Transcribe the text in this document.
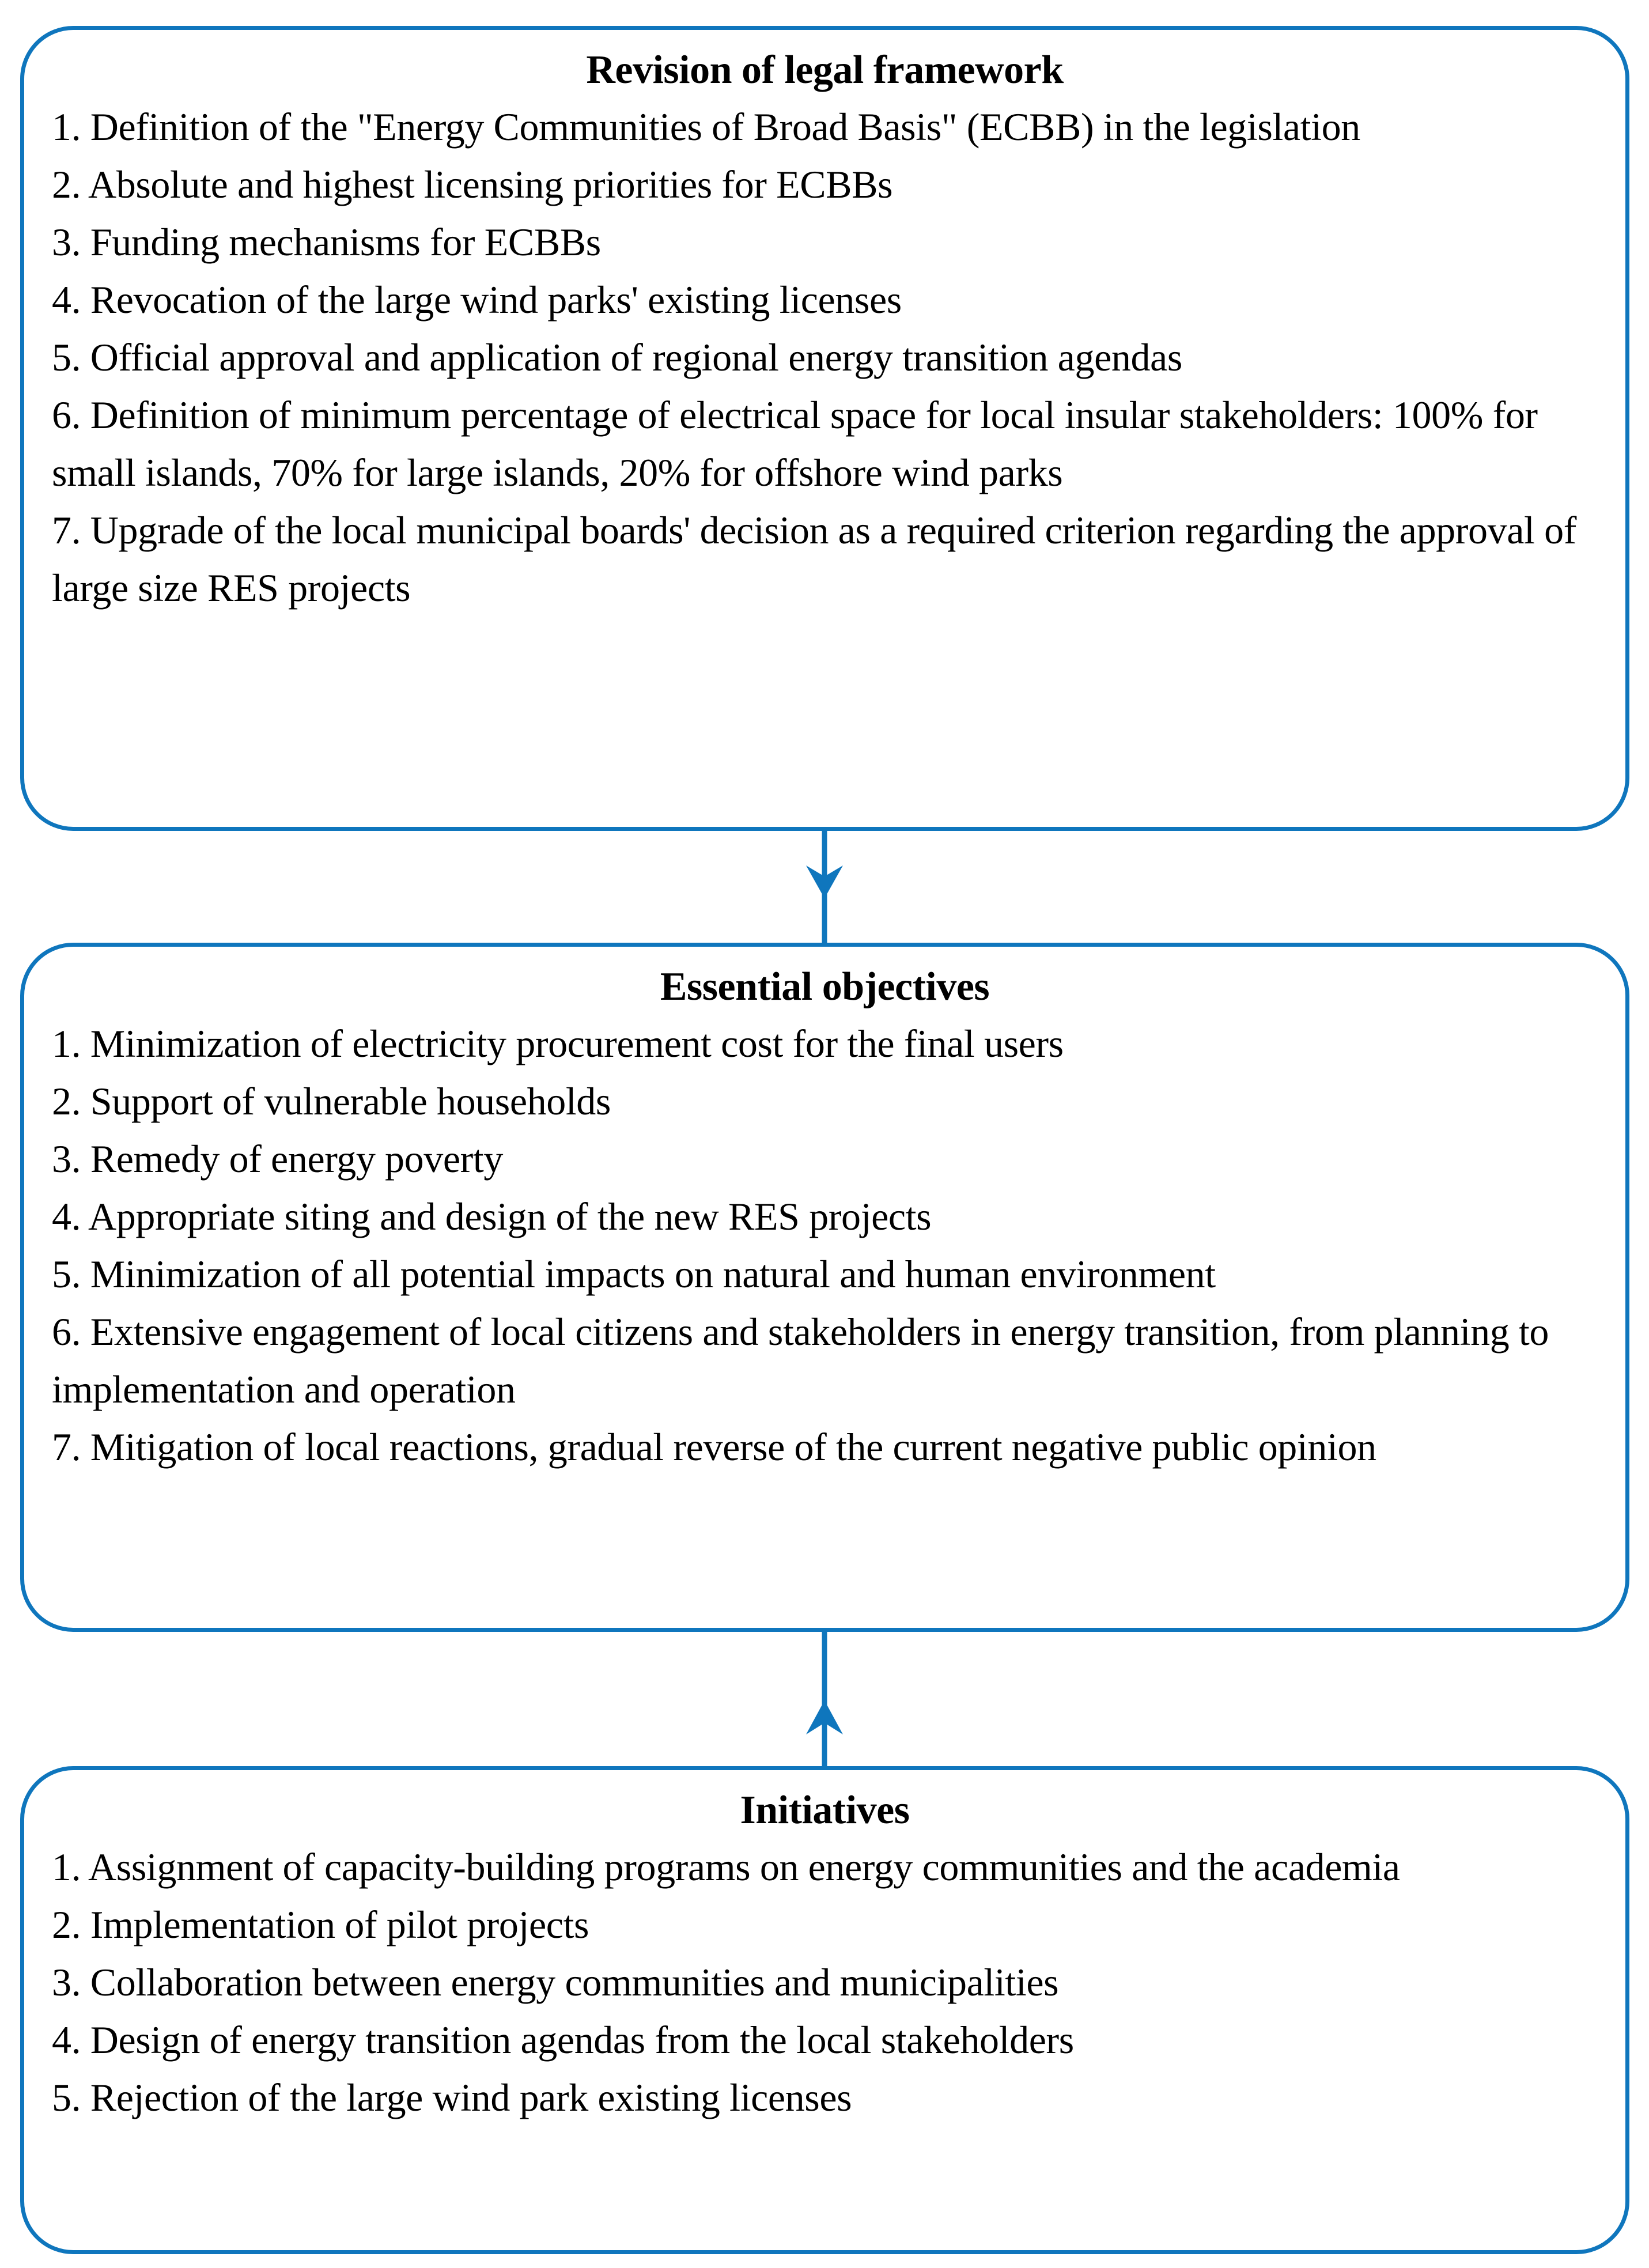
Revision of legal framework
1. Definition of the "Energy Communities of Broad Basis" (ECBB) in the legislation
2. Absolute and highest licensing priorities for ECBBs
3. Funding mechanisms for ECBBs
4. Revocation of the large wind parks' existing licenses
5. Official approval and application of regional energy transition agendas
6. Definition of minimum percentage of electrical space for local insular stakeholders: 100% for small islands, 70% for large islands, 20% for offshore wind parks
7. Upgrade of the local municipal boards' decision as a required criterion regarding the approval of large size RES projects
Essential objectives
1. Minimization of electricity procurement cost for the final users
2. Support of vulnerable households
3. Remedy of energy poverty
4. Appropriate siting and design of the new RES projects
5. Minimization of all potential impacts on natural and human environment
6. Extensive engagement of local citizens and stakeholders in energy transition, from planning to implementation and operation
7. Mitigation of local reactions, gradual reverse of the current negative public opinion
Initiatives
1. Assignment of capacity-building programs on energy communities and the academia
2. Implementation of pilot projects
3. Collaboration between energy communities and municipalities
4. Design of energy transition agendas from the local stakeholders
5. Rejection of the large wind park existing licenses
